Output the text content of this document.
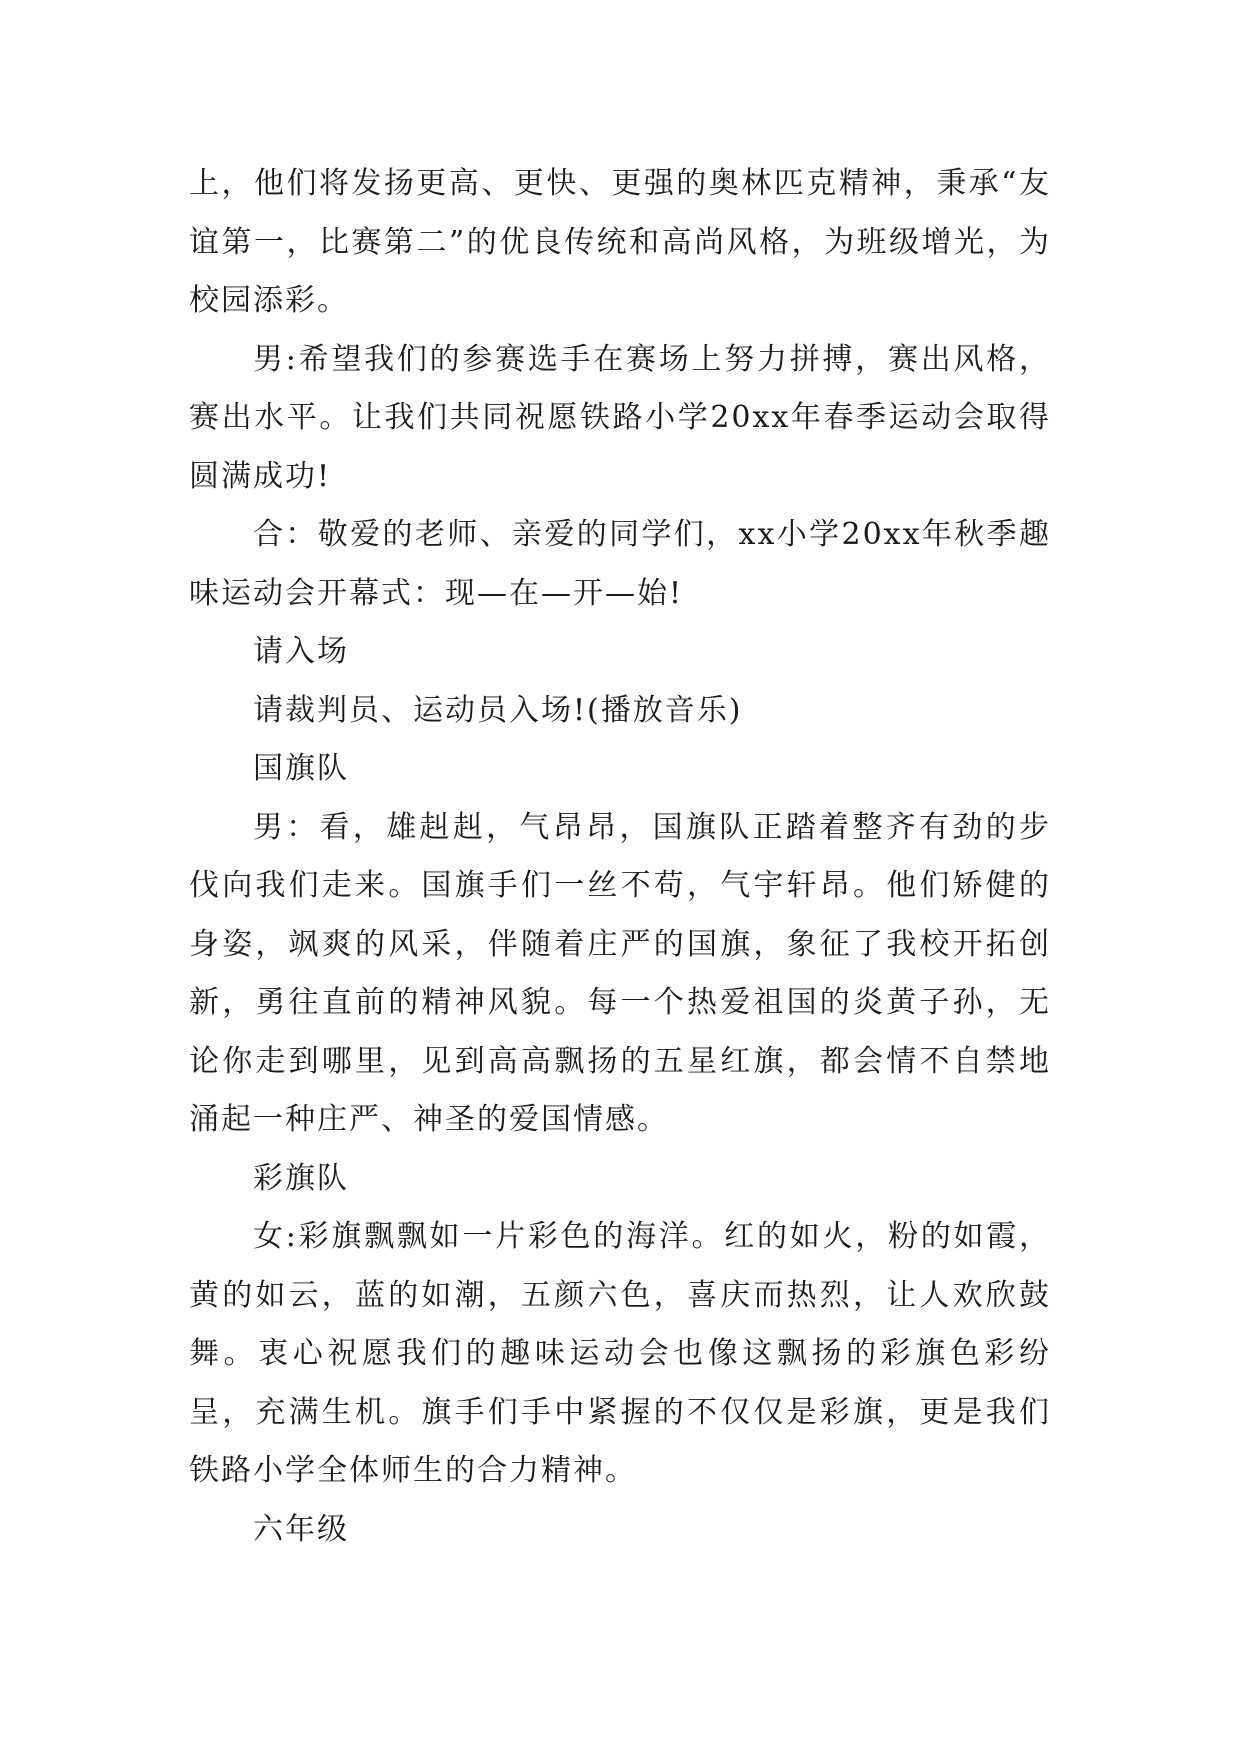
上，他们将发扬更高、更快、更强的奥林匹克精神，秉承“友谊第一，比赛第二”的优良传统和高尚风格，为班级增光，为校园添彩。

男:希望我们的参赛选手在赛场上努力拼搏，赛出风格，赛出水平。让我们共同祝愿铁路小学20xx年春季运动会取得圆满成功!

合：敬爱的老师、亲爱的同学们，xx小学20xx年秋季趣味运动会开幕式：现—在—开—始!

请入场

请裁判员、运动员入场!(播放音乐)

国旗队

男：看，雄赳赳，气昂昂，国旗队正踏着整齐有劲的步伐向我们走来。国旗手们一丝不苟，气宇轩昂。他们矫健的身姿，飒爽的风采，伴随着庄严的国旗，象征了我校开拓创新，勇往直前的精神风貌。每一个热爱祖国的炎黄子孙，无论你走到哪里，见到高高飘扬的五星红旗，都会情不自禁地涌起一种庄严、神圣的爱国情感。

彩旗队

女:彩旗飘飘如一片彩色的海洋。红的如火，粉的如霞，黄的如云，蓝的如潮，五颜六色，喜庆而热烈，让人欢欣鼓舞。衷心祝愿我们的趣味运动会也像这飘扬的彩旗色彩纷呈，充满生机。旗手们手中紧握的不仅仅是彩旗，更是我们铁路小学全体师生的合力精神。

六年级
